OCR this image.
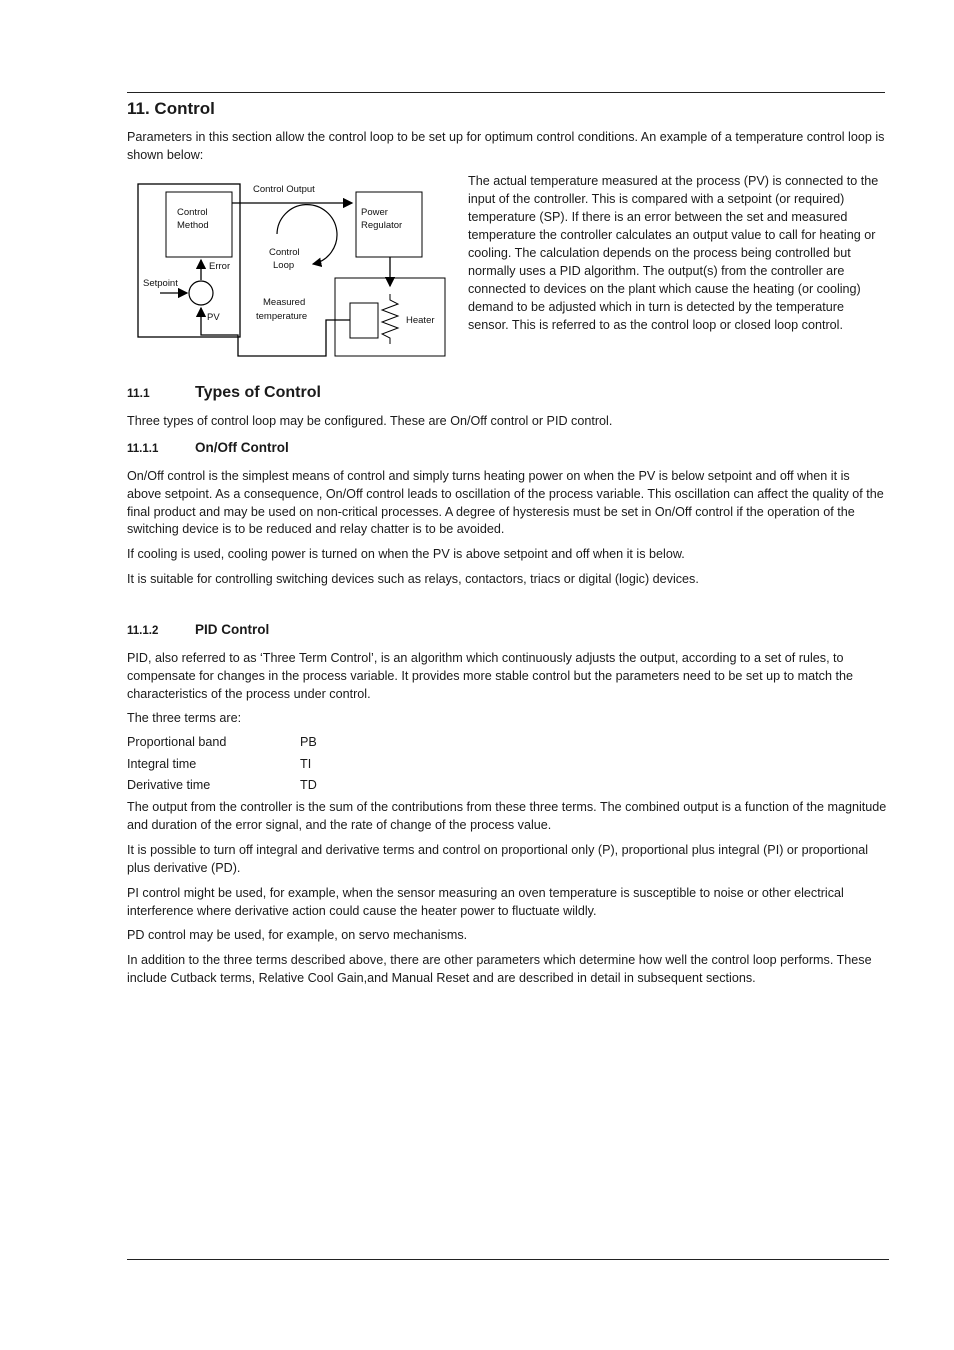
11. Control

Parameters in this section allow the control loop to be set up for optimum control conditions. An example of a temperature control loop is shown below:

Control
Method
Control Output
Power
Regulator
Heater
Control
Loop
Measured
temperature
Setpoint
Error
PV

The actual temperature measured at the process (PV) is connected to the input of the controller. This is compared with a setpoint (or required) temperature (SP). If there is an error between the set and measured temperature the controller calculates an output value to call for heating or cooling. The calculation depends on the process being controlled but normally uses a PID algorithm. The output(s) from the controller are connected to devices on the plant which cause the heating (or cooling) demand to be adjusted which in turn is detected by the temperature sensor. This is referred to as the control loop or closed loop control.

11.1	Types of Control

Three types of control loop may be configured. These are On/Off control or PID control.

11.1.1	On/Off Control

On/Off control is the simplest means of control and simply turns heating power on when the PV is below setpoint and off when it is above setpoint. As a consequence, On/Off control leads to oscillation of the process variable. This oscillation can affect the quality of the final product and may be used on non-critical processes. A degree of hysteresis must be set in On/Off control if the operation of the switching device is to be reduced and relay chatter is to be avoided.

If cooling is used, cooling power is turned on when the PV is above setpoint and off when it is below.

It is suitable for controlling switching devices such as relays, contactors, triacs or digital (logic) devices.

11.1.2	PID Control

PID, also referred to as ‘Three Term Control’, is an algorithm which continuously adjusts the output, according to a set of rules, to compensate for changes in the process variable. It provides more stable control but the parameters need to be set up to match the characteristics of the process under control.

The three terms are:

Proportional band	PB
Integral time	TI
Derivative time	TD

The output from the controller is the sum of the contributions from these three terms. The combined output is a function of the magnitude and duration of the error signal, and the rate of change of the process value.

It is possible to turn off integral and derivative terms and control on proportional only (P), proportional plus integral (PI) or proportional plus derivative (PD).

PI control might be used, for example, when the sensor measuring an oven temperature is susceptible to noise or other electrical interference where derivative action could cause the heater power to fluctuate wildly.

PD control may be used, for example, on servo mechanisms.

In addition to the three terms described above, there are other parameters which determine how well the control loop performs. These include Cutback terms, Relative Cool Gain,and Manual Reset and are described in detail in subsequent sections.
